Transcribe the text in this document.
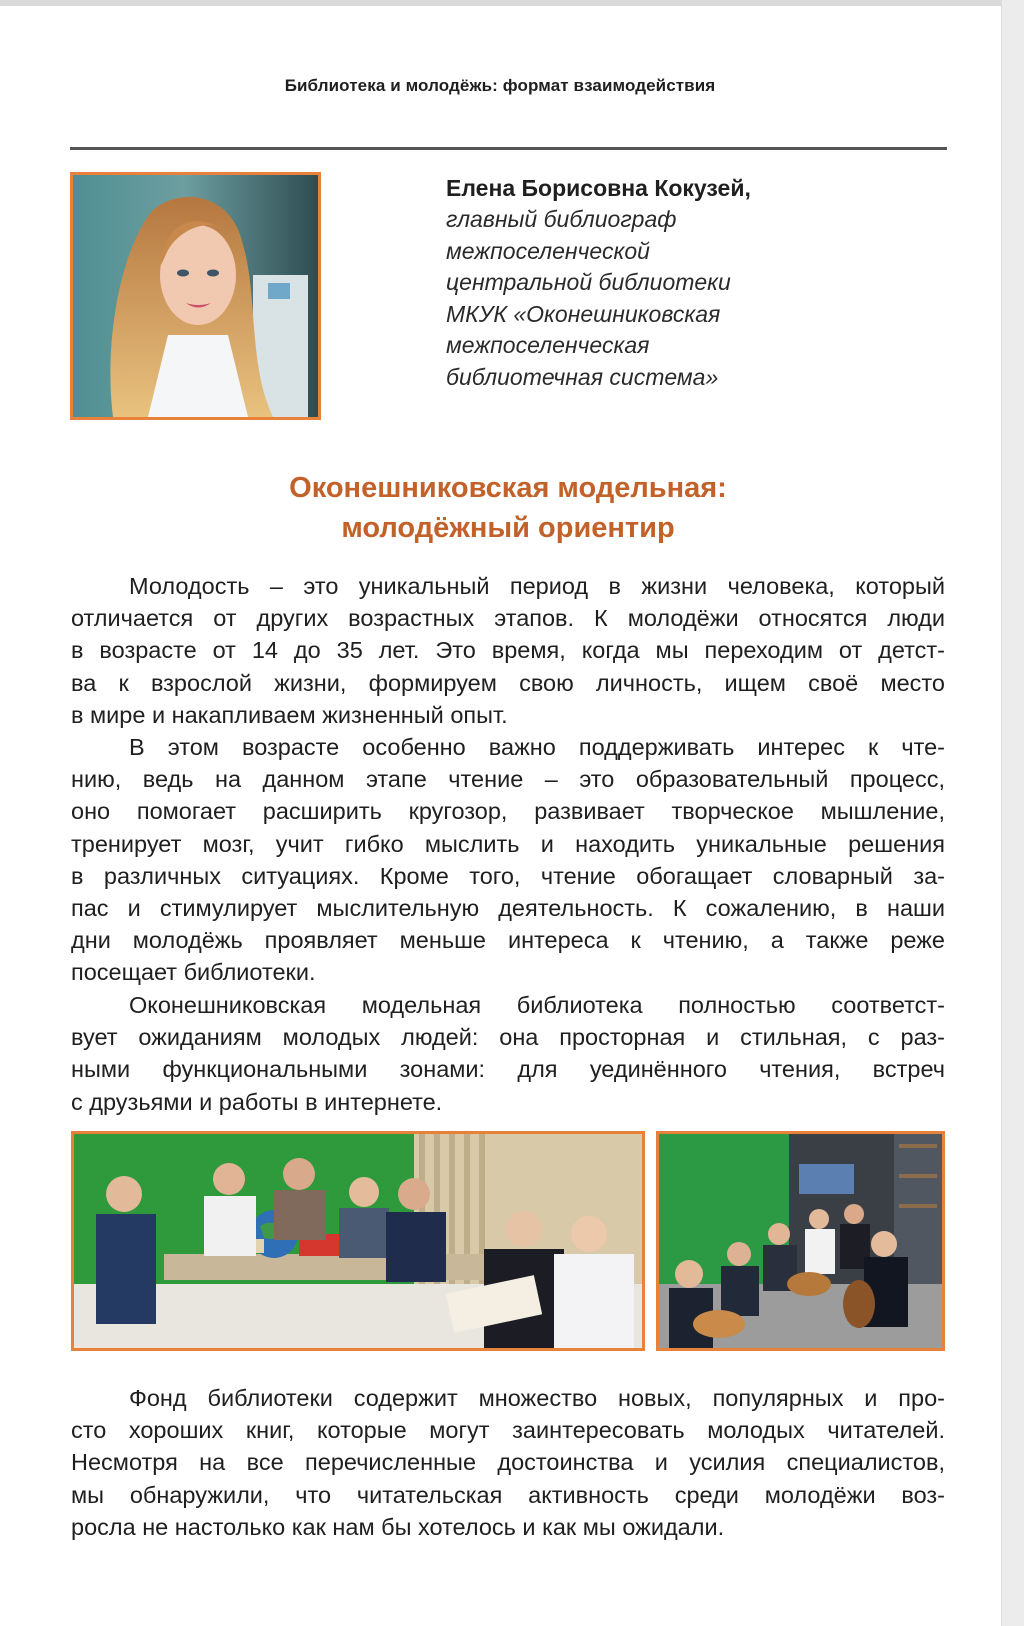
Библиотека и молодёжь: формат взаимодействия
Елена Борисовна Кокузей,
главный библиограф
межпоселенческой
центральной библиотеки
МКУК «Оконешниковская
межпоселенческая
библиотечная система»
Оконешниковская модельная:
молодёжный ориентир
Молодость – это уникальный период в жизни человека, который
отличается от других возрастных этапов. К молодёжи относятся люди
в возрасте от 14 до 35 лет. Это время, когда мы переходим от детст-
ва к взрослой жизни, формируем свою личность, ищем своё место
в мире и накапливаем жизненный опыт.
В этом возрасте особенно важно поддерживать интерес к чте-
нию, ведь на данном этапе чтение – это образовательный процесс,
оно помогает расширить кругозор, развивает творческое мышление,
тренирует мозг, учит гибко мыслить и находить уникальные решения
в различных ситуациях. Кроме того, чтение обогащает словарный за-
пас и стимулирует мыслительную деятельность. К сожалению, в наши
дни молодёжь проявляет меньше интереса к чтению, а также реже
посещает библиотеки.
Оконешниковская модельная библиотека полностью соответст-
вует ожиданиям молодых людей: она просторная и стильная, с раз-
ными функциональными зонами: для уединённого чтения, встреч
с друзьями и работы в интернете.
Фонд библиотеки содержит множество новых, популярных и про-
сто хороших книг, которые могут заинтересовать молодых читателей.
Несмотря на все перечисленные достоинства и усилия специалистов,
мы обнаружили, что читательская активность среди молодёжи воз-
росла не настолько как нам бы хотелось и как мы ожидали.
